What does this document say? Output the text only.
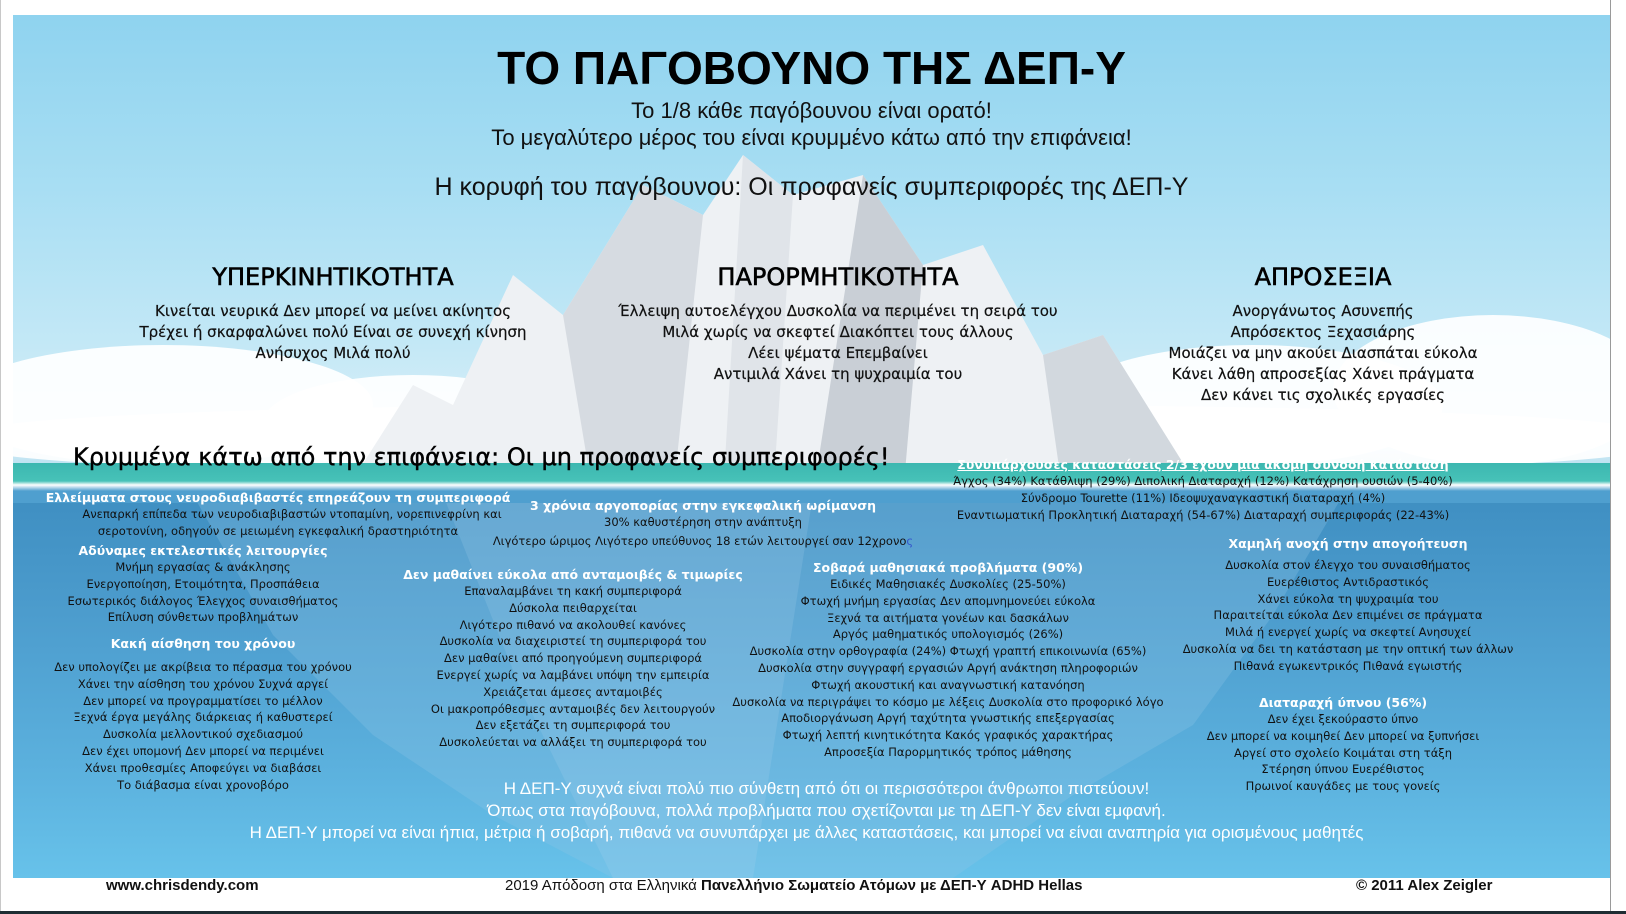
ΤΟ ΠΑΓΟΒΟΥΝΟ ΤΗΣ ΔΕΠ-Υ
Το 1/8 κάθε παγόβουνου είναι ορατό!
Το μεγαλύτερο μέρος του είναι κρυμμένο κάτω από την επιφάνεια!
Η κορυφή του παγόβουνου: Οι προφανείς συμπεριφορές της ΔΕΠ-Υ
ΥΠΕΡΚΙΝΗΤΙΚΟΤΗΤΑ
Κινείται νευρικά Δεν μπορεί να μείνει ακίνητος
Τρέχει ή σκαρφαλώνει πολύ Είναι σε συνεχή κίνηση
Ανήσυχος Μιλά πολύ
ΠΑΡΟΡΜΗΤΙΚΟΤΗΤΑ
Έλλειψη αυτοελέγχου Δυσκολία να περιμένει τη σειρά του
Μιλά χωρίς να σκεφτεί Διακόπτει τους άλλους
Λέει ψέματα Επεμβαίνει
Αντιμιλά Χάνει τη ψυχραιμία του
ΑΠΡΟΣΕΞΙΑ
Ανοργάνωτος Ασυνεπής
Απρόσεκτος Ξεχασιάρης
Μοιάζει να μην ακούει Διασπάται εύκολα
Κάνει λάθη απροσεξίας Χάνει πράγματα
Δεν κάνει τις σχολικές εργασίες
Κρυμμένα κάτω από την επιφάνεια: Οι μη προφανείς συμπεριφορές!
Ελλείμματα στους νευροδιαβιβαστές επηρεάζουν τη συμπεριφορά
Ανεπαρκή επίπεδα των νευροδιαβιβαστών ντοπαμίνη, νορεπινεφρίνη και
σεροτονίνη, οδηγούν σε μειωμένη εγκεφαλική δραστηριότητα
Αδύναμες εκτελεστικές λειτουργίες
Μνήμη εργασίας & ανάκλησης
Ενεργοποίηση, Ετοιμότητα, Προσπάθεια
Εσωτερικός διάλογος Έλεγχος συναισθήματος
Επίλυση σύνθετων προβλημάτων
Κακή αίσθηση του χρόνου
Δεν υπολογίζει με ακρίβεια το πέρασμα του χρόνου
Χάνει την αίσθηση του χρόνου Συχνά αργεί
Δεν μπορεί να προγραμματίσει το μέλλον
Ξεχνά έργα μεγάλης διάρκειας ή καθυστερεί
Δυσκολία μελλοντικού σχεδιασμού
Δεν έχει υπομονή Δεν μπορεί να περιμένει
Χάνει προθεσμίες Αποφεύγει να διαβάσει
Το διάβασμα είναι χρονοβόρο
3 χρόνια αργοπορίας στην εγκεφαλική ωρίμανση
30% καθυστέρηση στην ανάπτυξη
Λιγότερο ώριμος Λιγότερο υπεύθυνος 18 ετών λειτουργεί σαν 12χρονος
Δεν μαθαίνει εύκολα από ανταμοιβές & τιμωρίες
Επαναλαμβάνει τη κακή συμπεριφορά
Δύσκολα πειθαρχείται
Λιγότερο πιθανό να ακολουθεί κανόνες
Δυσκολία να διαχειριστεί τη συμπεριφορά του
Δεν μαθαίνει από προηγούμενη συμπεριφορά
Ενεργεί χωρίς να λαμβάνει υπόψη την εμπειρία
Χρειάζεται άμεσες ανταμοιβές
Οι μακροπρόθεσμες ανταμοιβές δεν λειτουργούν
Δεν εξετάζει τη συμπεριφορά του
Δυσκολεύεται να αλλάξει τη συμπεριφορά του
Σοβαρά μαθησιακά προβλήματα (90%)
Ειδικές Μαθησιακές Δυσκολίες (25-50%)
Φτωχή μνήμη εργασίας Δεν απομνημονεύει εύκολα
Ξεχνά τα αιτήματα γονέων και δασκάλων
Αργός μαθηματικός υπολογισμός (26%)
Δυσκολία στην ορθογραφία (24%) Φτωχή γραπτή επικοινωνία (65%)
Δυσκολία στην συγγραφή εργασιών Αργή ανάκτηση πληροφοριών
Φτωχή ακουστική και αναγνωστική κατανόηση
Δυσκολία να περιγράψει το κόσμο με λέξεις Δυσκολία στο προφορικό λόγο
Αποδιοργάνωση Αργή ταχύτητα γνωστικής επεξεργασίας
Φτωχή λεπτή κινητικότητα Κακός γραφικός χαρακτήρας
Απροσεξία Παρορμητικός τρόπος μάθησης
Συνυπάρχουσες καταστάσεις 2/3 έχουν μια ακόμη συνοδή κατάσταση
Άγχος (34%) Κατάθλιψη (29%) Διπολική Διαταραχή (12%) Κατάχρηση ουσιών (5-40%)
Σύνδρομο Tourette (11%) Ιδεοψυχαναγκαστική διαταραχή (4%)
Εναντιωματική Προκλητική Διαταραχή (54-67%) Διαταραχή συμπεριφοράς (22-43%)
Χαμηλή ανοχή στην απογοήτευση
Δυσκολία στον έλεγχο του συναισθήματος
Ευερέθιστος Αντιδραστικός
Χάνει εύκολα τη ψυχραιμία του
Παραιτείται εύκολα Δεν επιμένει σε πράγματα
Μιλά ή ενεργεί χωρίς να σκεφτεί Ανησυχεί
Δυσκολία να δει τη κατάσταση με την οπτική των άλλων
Πιθανά εγωκεντρικός Πιθανά εγωιστής
Διαταραχή ύπνου (56%)
Δεν έχει ξεκούραστο ύπνο
Δεν μπορεί να κοιμηθεί Δεν μπορεί να ξυπνήσει
Αργεί στο σχολείο Κοιμάται στη τάξη
Στέρηση ύπνου Ευερέθιστος
Πρωινοί καυγάδες με τους γονείς
Η ΔΕΠ-Υ συχνά είναι πολύ πιο σύνθετη από ότι οι περισσότεροι άνθρωποι πιστεύουν!
Όπως στα παγόβουνα, πολλά προβλήματα που σχετίζονται με τη ΔΕΠ-Υ δεν είναι εμφανή.
Η ΔΕΠ-Υ μπορεί να είναι ήπια, μέτρια ή σοβαρή, πιθανά να συνυπάρχει με άλλες καταστάσεις, και μπορεί να είναι αναπηρία για ορισμένους μαθητές
www.chrisdendy.com	2019 Απόδοση στα Ελληνικά Πανελλήνιο Σωματείο Ατόμων με ΔΕΠ-Υ ADHD Hellas	© 2011 Alex Zeigler
